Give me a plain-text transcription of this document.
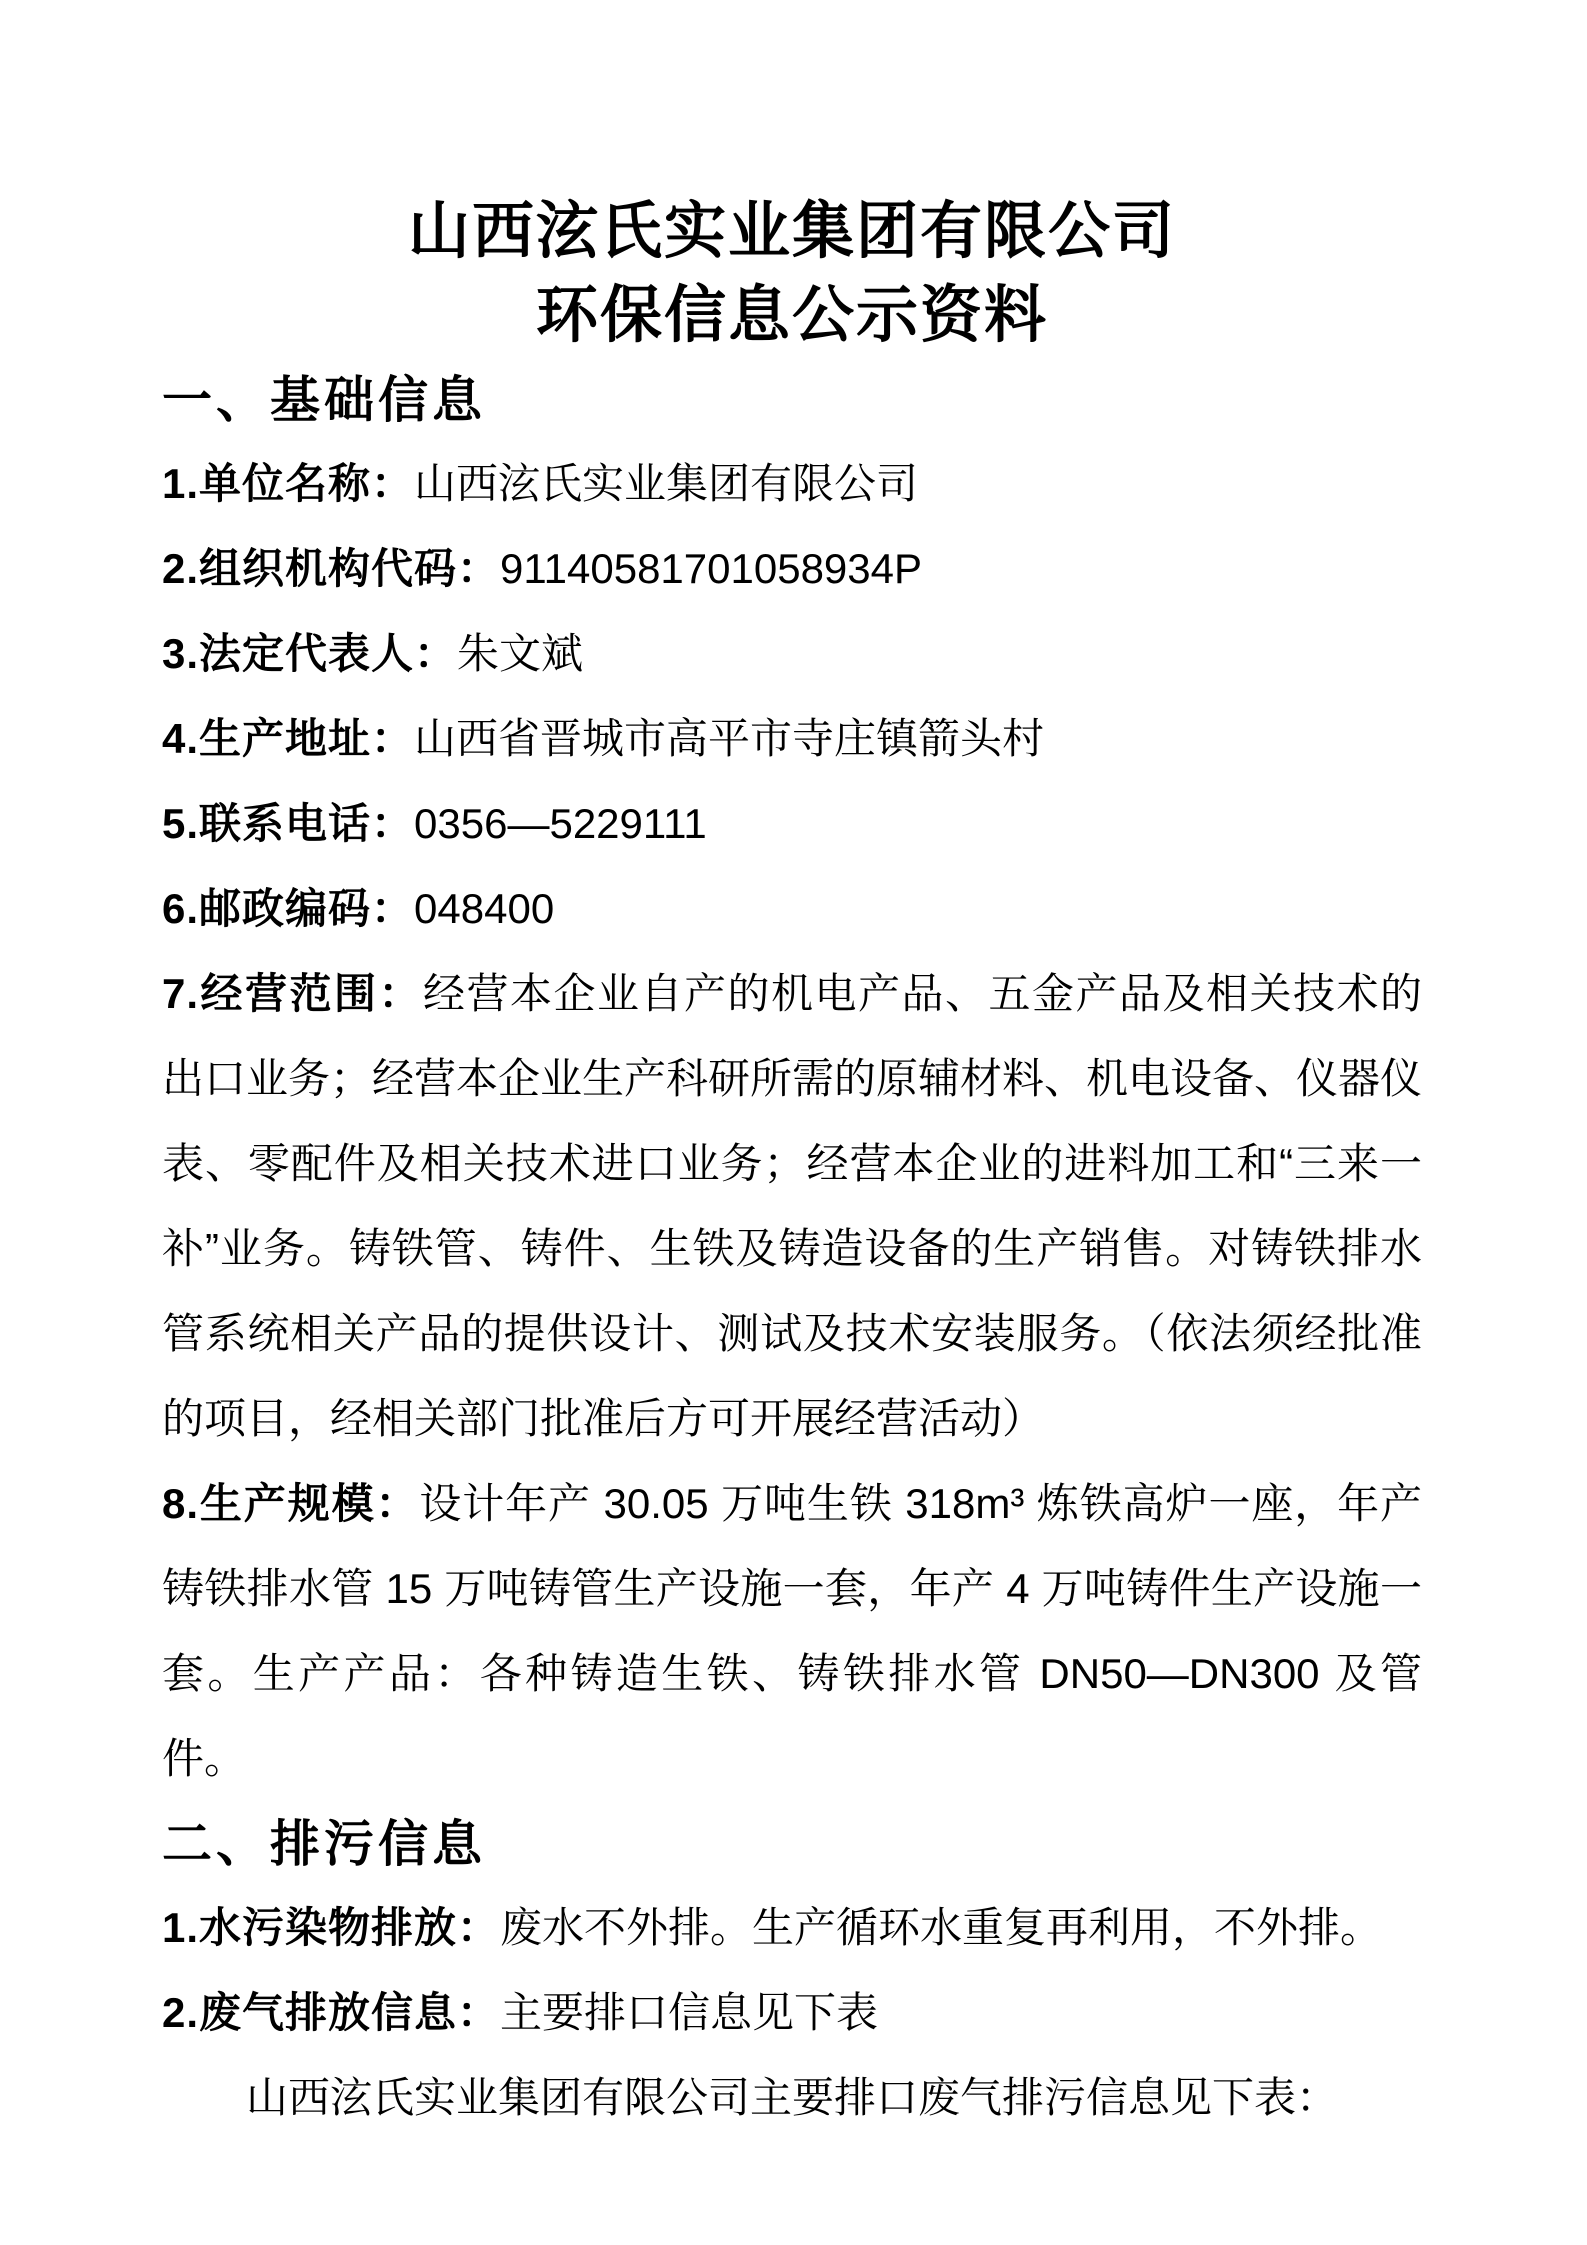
山西泫氏实业集团有限公司
环保信息公示资料
一、基础信息

1.单位名称：山西泫氏实业集团有限公司

2.组织机构代码：91140581701058934P

3.法定代表人：朱文斌

4.生产地址：山西省晋城市高平市寺庄镇箭头村

5.联系电话：0356—5229111

6.邮政编码：048400

7.经营范围：经营本企业自产的机电产品、五金产品及相关技术的出口业务；经营本企业生产科研所需的原辅材料、机电设备、仪器仪表、零配件及相关技术进口业务；经营本企业的进料加工和“三来一补”业务。铸铁管、铸件、生铁及铸造设备的生产销售。对铸铁排水管系统相关产品的提供设计、测试及技术安装服务。（依法须经批准的项目，经相关部门批准后方可开展经营活动）

8.生产规模：设计年产 30.05 万吨生铁 318m³ 炼铁高炉一座，年产铸铁排水管 15 万吨铸管生产设施一套，年产 4 万吨铸件生产设施一套。生产产品：各种铸造生铁、铸铁排水管 DN50—DN300 及管件。

二、排污信息

1.水污染物排放：废水不外排。生产循环水重复再利用，不外排。

2.废气排放信息：主要排口信息见下表

山西泫氏实业集团有限公司主要排口废气排污信息见下表：
